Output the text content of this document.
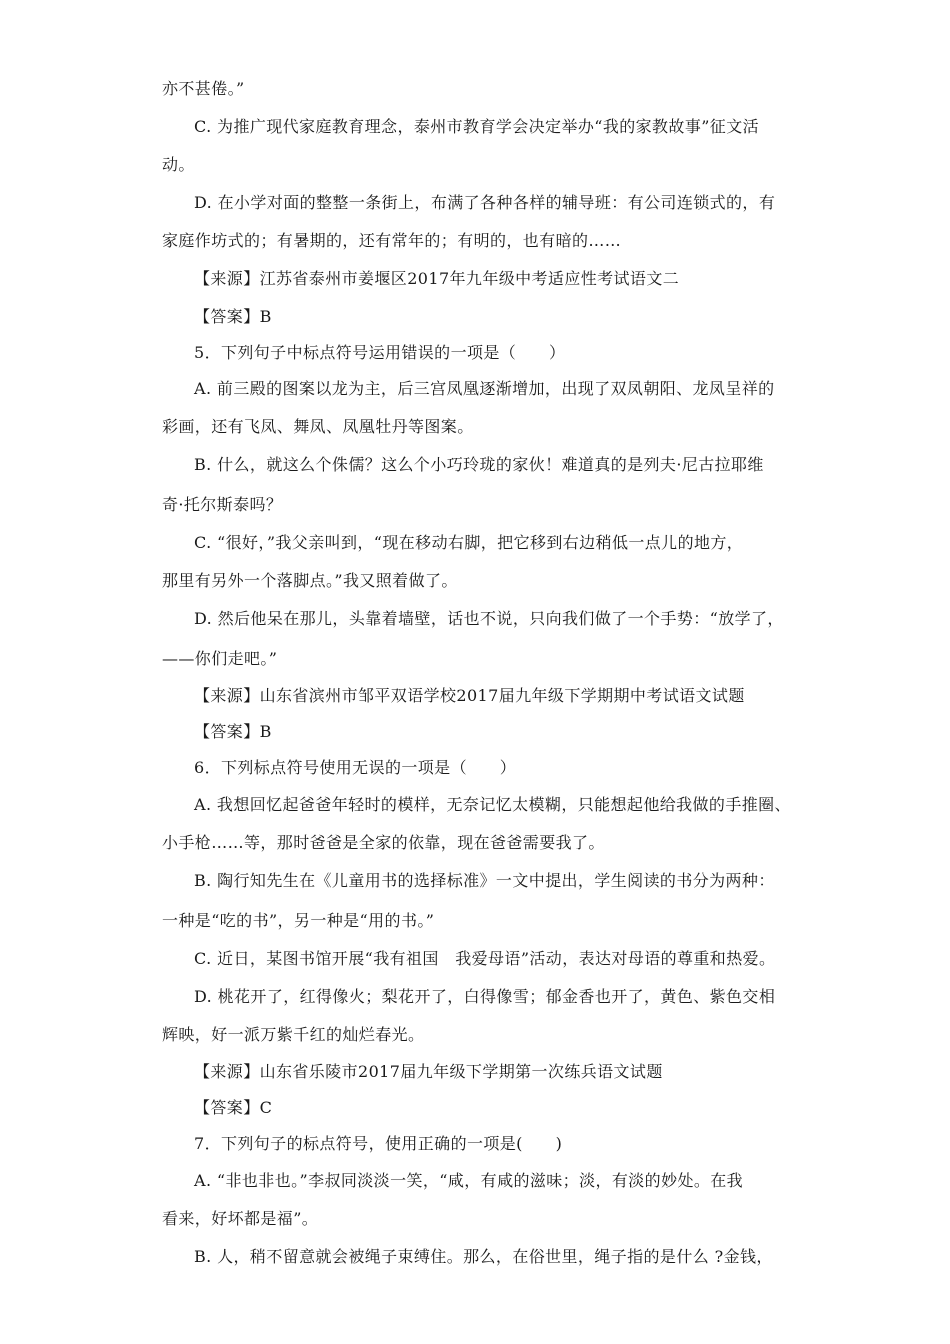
亦不甚倦。”
C. 为推广现代家庭教育理念，泰州市教育学会决定举办“我的家教故事”征文活
动。
D. 在小学对面的整整一条街上，布满了各种各样的辅导班：有公司连锁式的，有
家庭作坊式的；有暑期的，还有常年的；有明的，也有暗的……
【来源】江苏省泰州市姜堰区2017年九年级中考适应性考试语文二
【答案】B
5．下列句子中标点符号运用错误的一项是（　　）
A. 前三殿的图案以龙为主，后三宫凤凰逐渐增加，出现了双凤朝阳、龙凤呈祥的
彩画，还有飞凤、舞凤、凤凰牡丹等图案。
B. 什么，就这么个侏儒？这么个小巧玲珑的家伙！难道真的是列夫·尼古拉耶维
奇·托尔斯泰吗？
C. “很好，”我父亲叫到，“现在移动右脚，把它移到右边稍低一点儿的地方，
那里有另外一个落脚点。”我又照着做了。
D. 然后他呆在那儿，头靠着墙壁，话也不说，只向我们做了一个手势：“放学了，
——你们走吧。”
【来源】山东省滨州市邹平双语学校2017届九年级下学期期中考试语文试题
【答案】B
6．下列标点符号使用无误的一项是（　　）
A. 我想回忆起爸爸年轻时的模样，无奈记忆太模糊，只能想起他给我做的手推圈、
小手枪……等，那时爸爸是全家的依靠，现在爸爸需要我了。
B. 陶行知先生在《儿童用书的选择标准》一文中提出，学生阅读的书分为两种：
一种是“吃的书”，另一种是“用的书。”
C. 近日，某图书馆开展“我有祖国　我爱母语”活动，表达对母语的尊重和热爱。
D. 桃花开了，红得像火；梨花开了，白得像雪；郁金香也开了，黄色、紫色交相
辉映，好一派万紫千红的灿烂春光。
【来源】山东省乐陵市2017届九年级下学期第一次练兵语文试题
【答案】C
7．下列句子的标点符号，使用正确的一项是(　　)
A. “非也非也。”李叔同淡淡一笑，“咸，有咸的滋味；淡，有淡的妙处。在我
看来，好坏都是福”。
B. 人，稍不留意就会被绳子束缚住。那么，在俗世里，绳子指的是什么 ?金钱，
